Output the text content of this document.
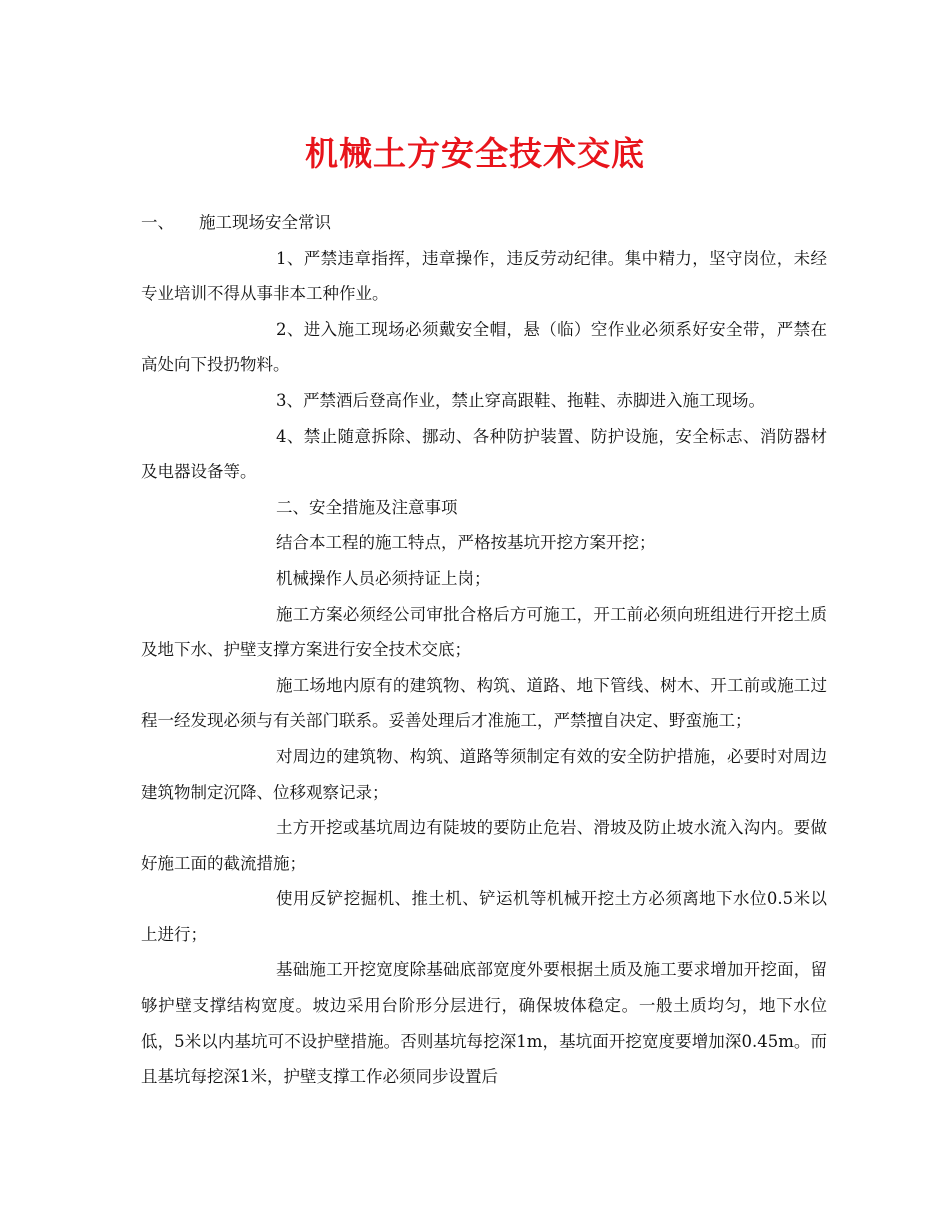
机械土方安全技术交底

一、 施工现场安全常识

1、严禁违章指挥，违章操作，违反劳动纪律。集中精力，坚守岗位，未经专业培训不得从事非本工种作业。

2、进入施工现场必须戴安全帽，悬（临）空作业必须系好安全带，严禁在高处向下投扔物料。

3、严禁酒后登高作业，禁止穿高跟鞋、拖鞋、赤脚进入施工现场。

4、禁止随意拆除、挪动、各种防护装置、防护设施，安全标志、消防器材及电器设备等。

二、安全措施及注意事项

结合本工程的施工特点，严格按基坑开挖方案开挖；

机械操作人员必须持证上岗；

施工方案必须经公司审批合格后方可施工，开工前必须向班组进行开挖土质及地下水、护壁支撑方案进行安全技术交底；

施工场地内原有的建筑物、构筑、道路、地下管线、树木、开工前或施工过程一经发现必须与有关部门联系。妥善处理后才准施工，严禁擅自决定、野蛮施工；

对周边的建筑物、构筑、道路等须制定有效的安全防护措施，必要时对周边建筑物制定沉降、位移观察记录；

土方开挖或基坑周边有陡坡的要防止危岩、滑坡及防止坡水流入沟内。要做好施工面的截流措施；

使用反铲挖掘机、推土机、铲运机等机械开挖土方必须离地下水位0.5米以上进行；

基础施工开挖宽度除基础底部宽度外要根据土质及施工要求增加开挖面，留够护壁支撑结构宽度。坡边采用台阶形分层进行，确保坡体稳定。一般土质均匀，地下水位低，5米以内基坑可不设护壁措施。否则基坑每挖深1m，基坑面开挖宽度要增加深0.45m。而且基坑每挖深1米，护壁支撑工作必须同步设置后
